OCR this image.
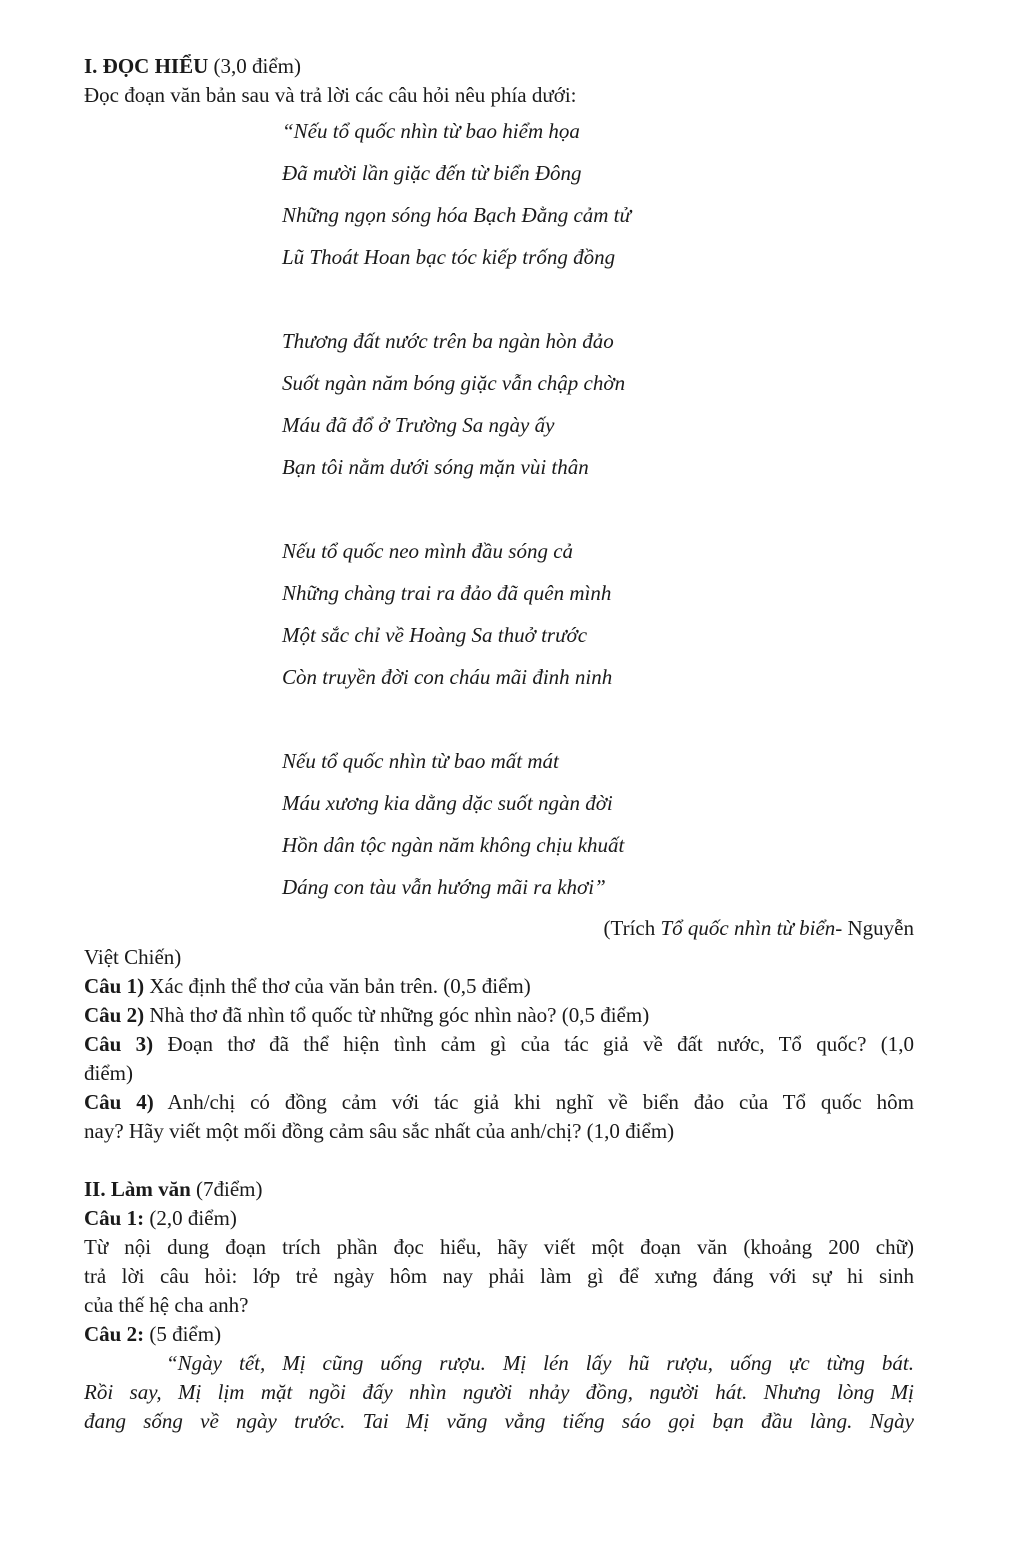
I. ĐỌC HIỂU (3,0 điểm)
Đọc đoạn văn bản sau và trả lời các câu hỏi nêu phía dưới:
“Nếu tổ quốc nhìn từ bao hiểm họa
Đã mười lần giặc đến từ biển Đông
Những ngọn sóng hóa Bạch Đằng cảm tử
Lũ Thoát Hoan bạc tóc kiếp trống đồng
Thương đất nước trên ba ngàn hòn đảo
Suốt ngàn năm bóng giặc vẫn chập chờn
Máu đã đổ ở Trường Sa ngày ấy
Bạn tôi nằm dưới sóng mặn vùi thân
Nếu tổ quốc neo mình đầu sóng cả
Những chàng trai ra đảo đã quên mình
Một sắc chỉ về Hoàng Sa thuở trước
Còn truyền đời con cháu mãi đinh ninh
Nếu tổ quốc nhìn từ bao mất mát
Máu xương kia dằng dặc suốt ngàn đời
Hồn dân tộc ngàn năm không chịu khuất
Dáng con tàu vẫn hướng mãi ra khơi”
(Trích Tổ quốc nhìn từ biển- Nguyễn
Việt Chiến)
Câu 1) Xác định thể thơ của văn bản trên. (0,5 điểm)
Câu 2) Nhà thơ đã nhìn tổ quốc từ những góc nhìn nào? (0,5 điểm)
Câu 3) Đoạn thơ đã thể hiện tình cảm gì của tác giả về đất nước, Tổ quốc? (1,0
điểm)
Câu 4) Anh/chị có đồng cảm với tác giả khi nghĩ về biển đảo của Tổ quốc hôm
nay? Hãy viết một mối đồng cảm sâu sắc nhất của anh/chị? (1,0 điểm)
II. Làm văn (7điểm)
Câu 1: (2,0 điểm)
Từ nội dung đoạn trích phần đọc hiểu, hãy viết một đoạn văn (khoảng 200 chữ)
trả lời câu hỏi: lớp trẻ ngày hôm nay phải làm gì để xưng đáng với sự hi sinh
của thế hệ cha anh?
Câu 2: (5 điểm)
“Ngày tết, Mị cũng uống rượu. Mị lén lấy hũ rượu, uống ực từng bát.
Rồi say, Mị lịm mặt ngồi đấy nhìn người nhảy đồng, người hát. Nhưng lòng Mị
đang sống về ngày trước. Tai Mị văng vẳng tiếng sáo gọi bạn đầu làng. Ngày
